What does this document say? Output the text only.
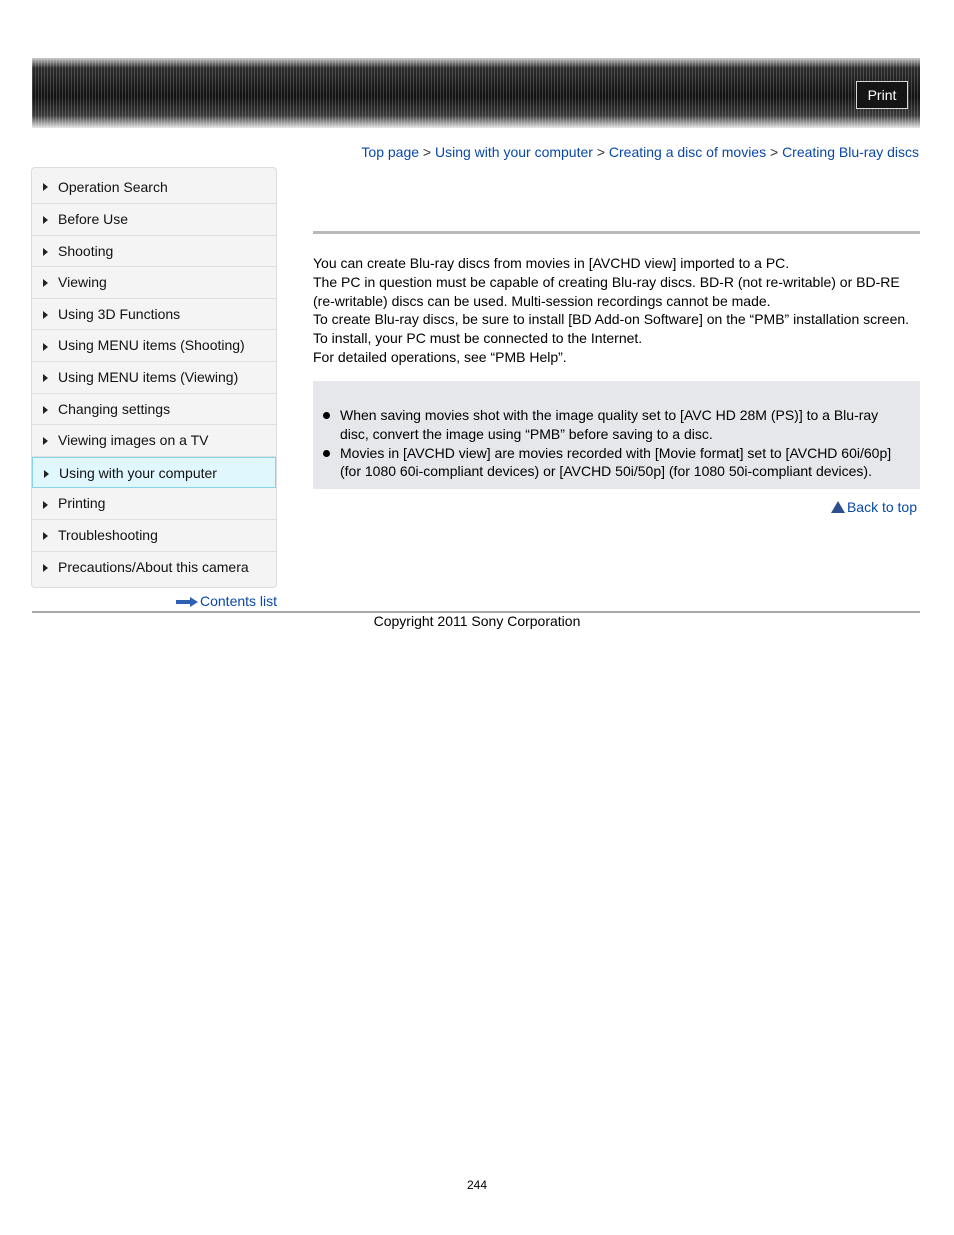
Print
Top page > Using with your computer > Creating a disc of movies > Creating Blu-ray discs
Operation Search
Before Use
Shooting
Viewing
Using 3D Functions
Using MENU items (Shooting)
Using MENU items (Viewing)
Changing settings
Viewing images on a TV
Using with your computer
Printing
Troubleshooting
Precautions/About this camera
Contents list

You can create Blu-ray discs from movies in [AVCHD view] imported to a PC.

The PC in question must be capable of creating Blu-ray discs. BD-R (not re-writable) or BD-RE (re-writable) discs can be used. Multi-session recordings cannot be made.

To create Blu-ray discs, be sure to install [BD Add-on Software] on the “PMB” installation screen. To install, your PC must be connected to the Internet.

For detailed operations, see “PMB Help”.

When saving movies shot with the image quality set to [AVC HD 28M (PS)] to a Blu-ray disc, convert the image using “PMB” before saving to a disc.
Movies in [AVCHD view] are movies recorded with [Movie format] set to [AVCHD 60i/60p] (for 1080 60i-compliant devices) or [AVCHD 50i/50p] (for 1080 50i-compliant devices).
Back to top
Copyright 2011 Sony Corporation
244
